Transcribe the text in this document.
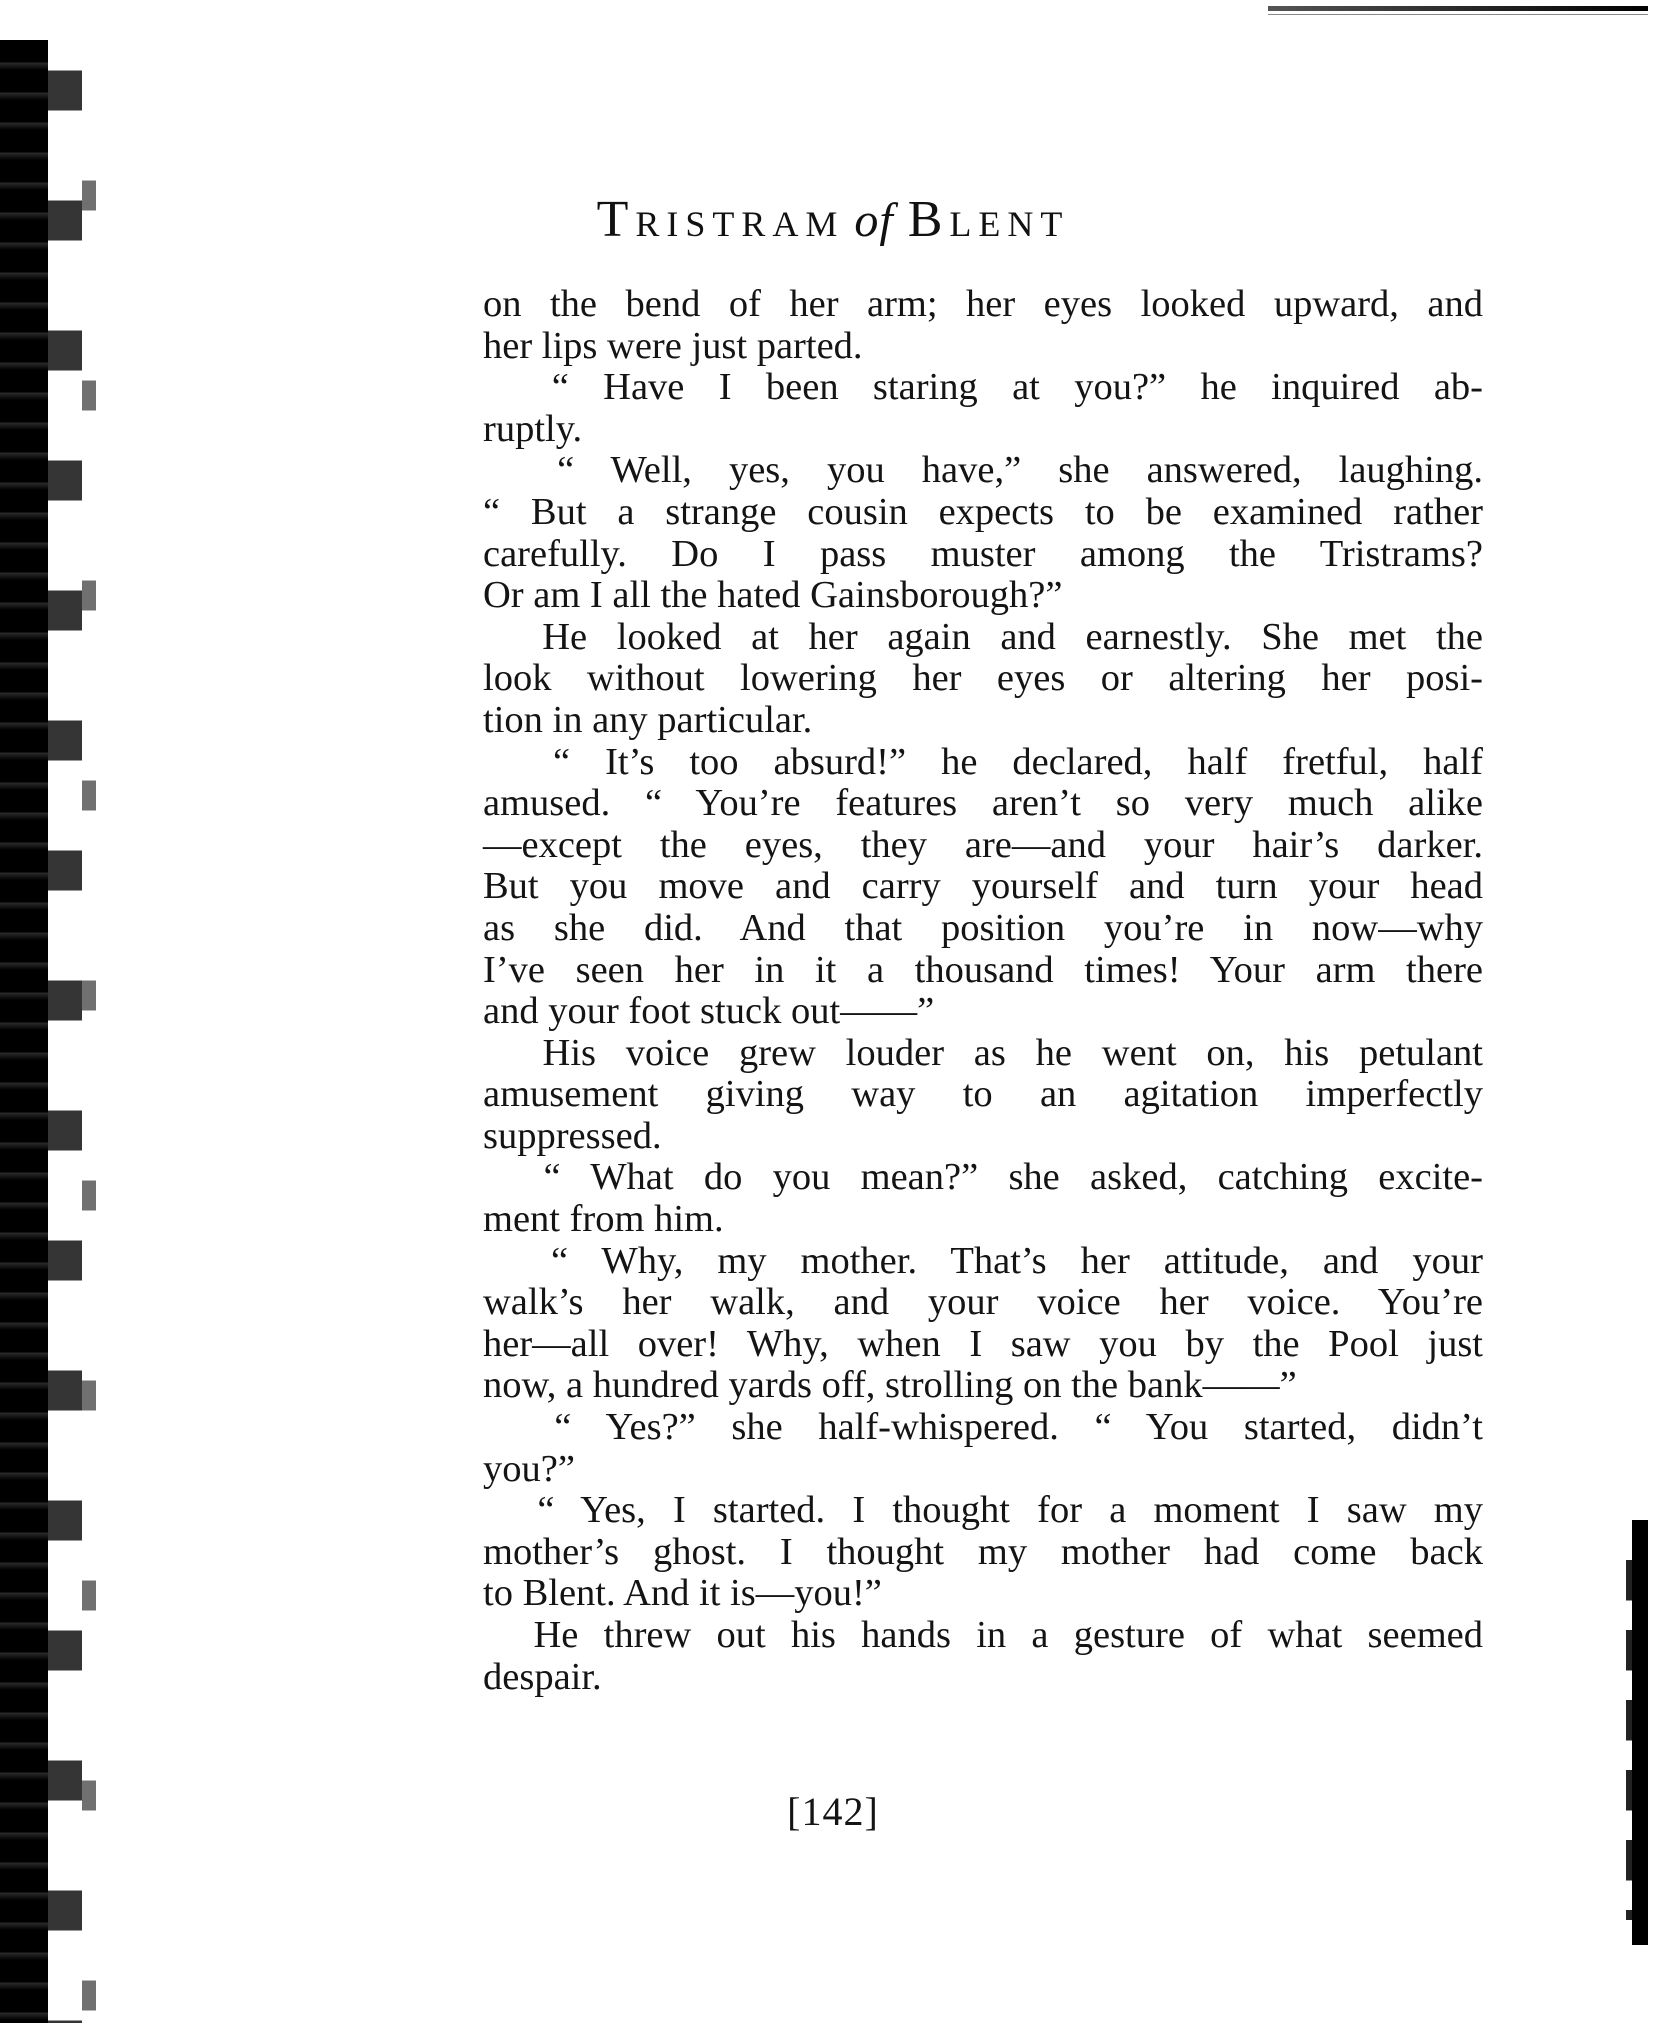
TRISTRAM of BLENT
on the bend of her arm; her eyes looked upward, and
her lips were just parted.
“ Have I been staring at you?” he inquired ab-
ruptly.
“ Well, yes, you have,” she answered, laughing.
“ But a strange cousin expects to be examined rather
carefully. Do I pass muster among the Tristrams?
Or am I all the hated Gainsborough?”
He looked at her again and earnestly. She met the
look without lowering her eyes or altering her posi-
tion in any particular.
“ It’s too absurd!” he declared, half fretful, half
amused. “ You’re features aren’t so very much alike
—except the eyes, they are—and your hair’s darker.
But you move and carry yourself and turn your head
as she did. And that position you’re in now—why
I’ve seen her in it a thousand times! Your arm there
and your foot stuck out——”
His voice grew louder as he went on, his petulant
amusement giving way to an agitation imperfectly
suppressed.
“ What do you mean?” she asked, catching excite-
ment from him.
“ Why, my mother. That’s her attitude, and your
walk’s her walk, and your voice her voice. You’re
her—all over! Why, when I saw you by the Pool just
now, a hundred yards off, strolling on the bank——”
“ Yes?” she half-whispered. “ You started, didn’t
you?”
“ Yes, I started. I thought for a moment I saw my
mother’s ghost. I thought my mother had come back
to Blent. And it is—you!”
He threw out his hands in a gesture of what seemed
despair.
[142]
